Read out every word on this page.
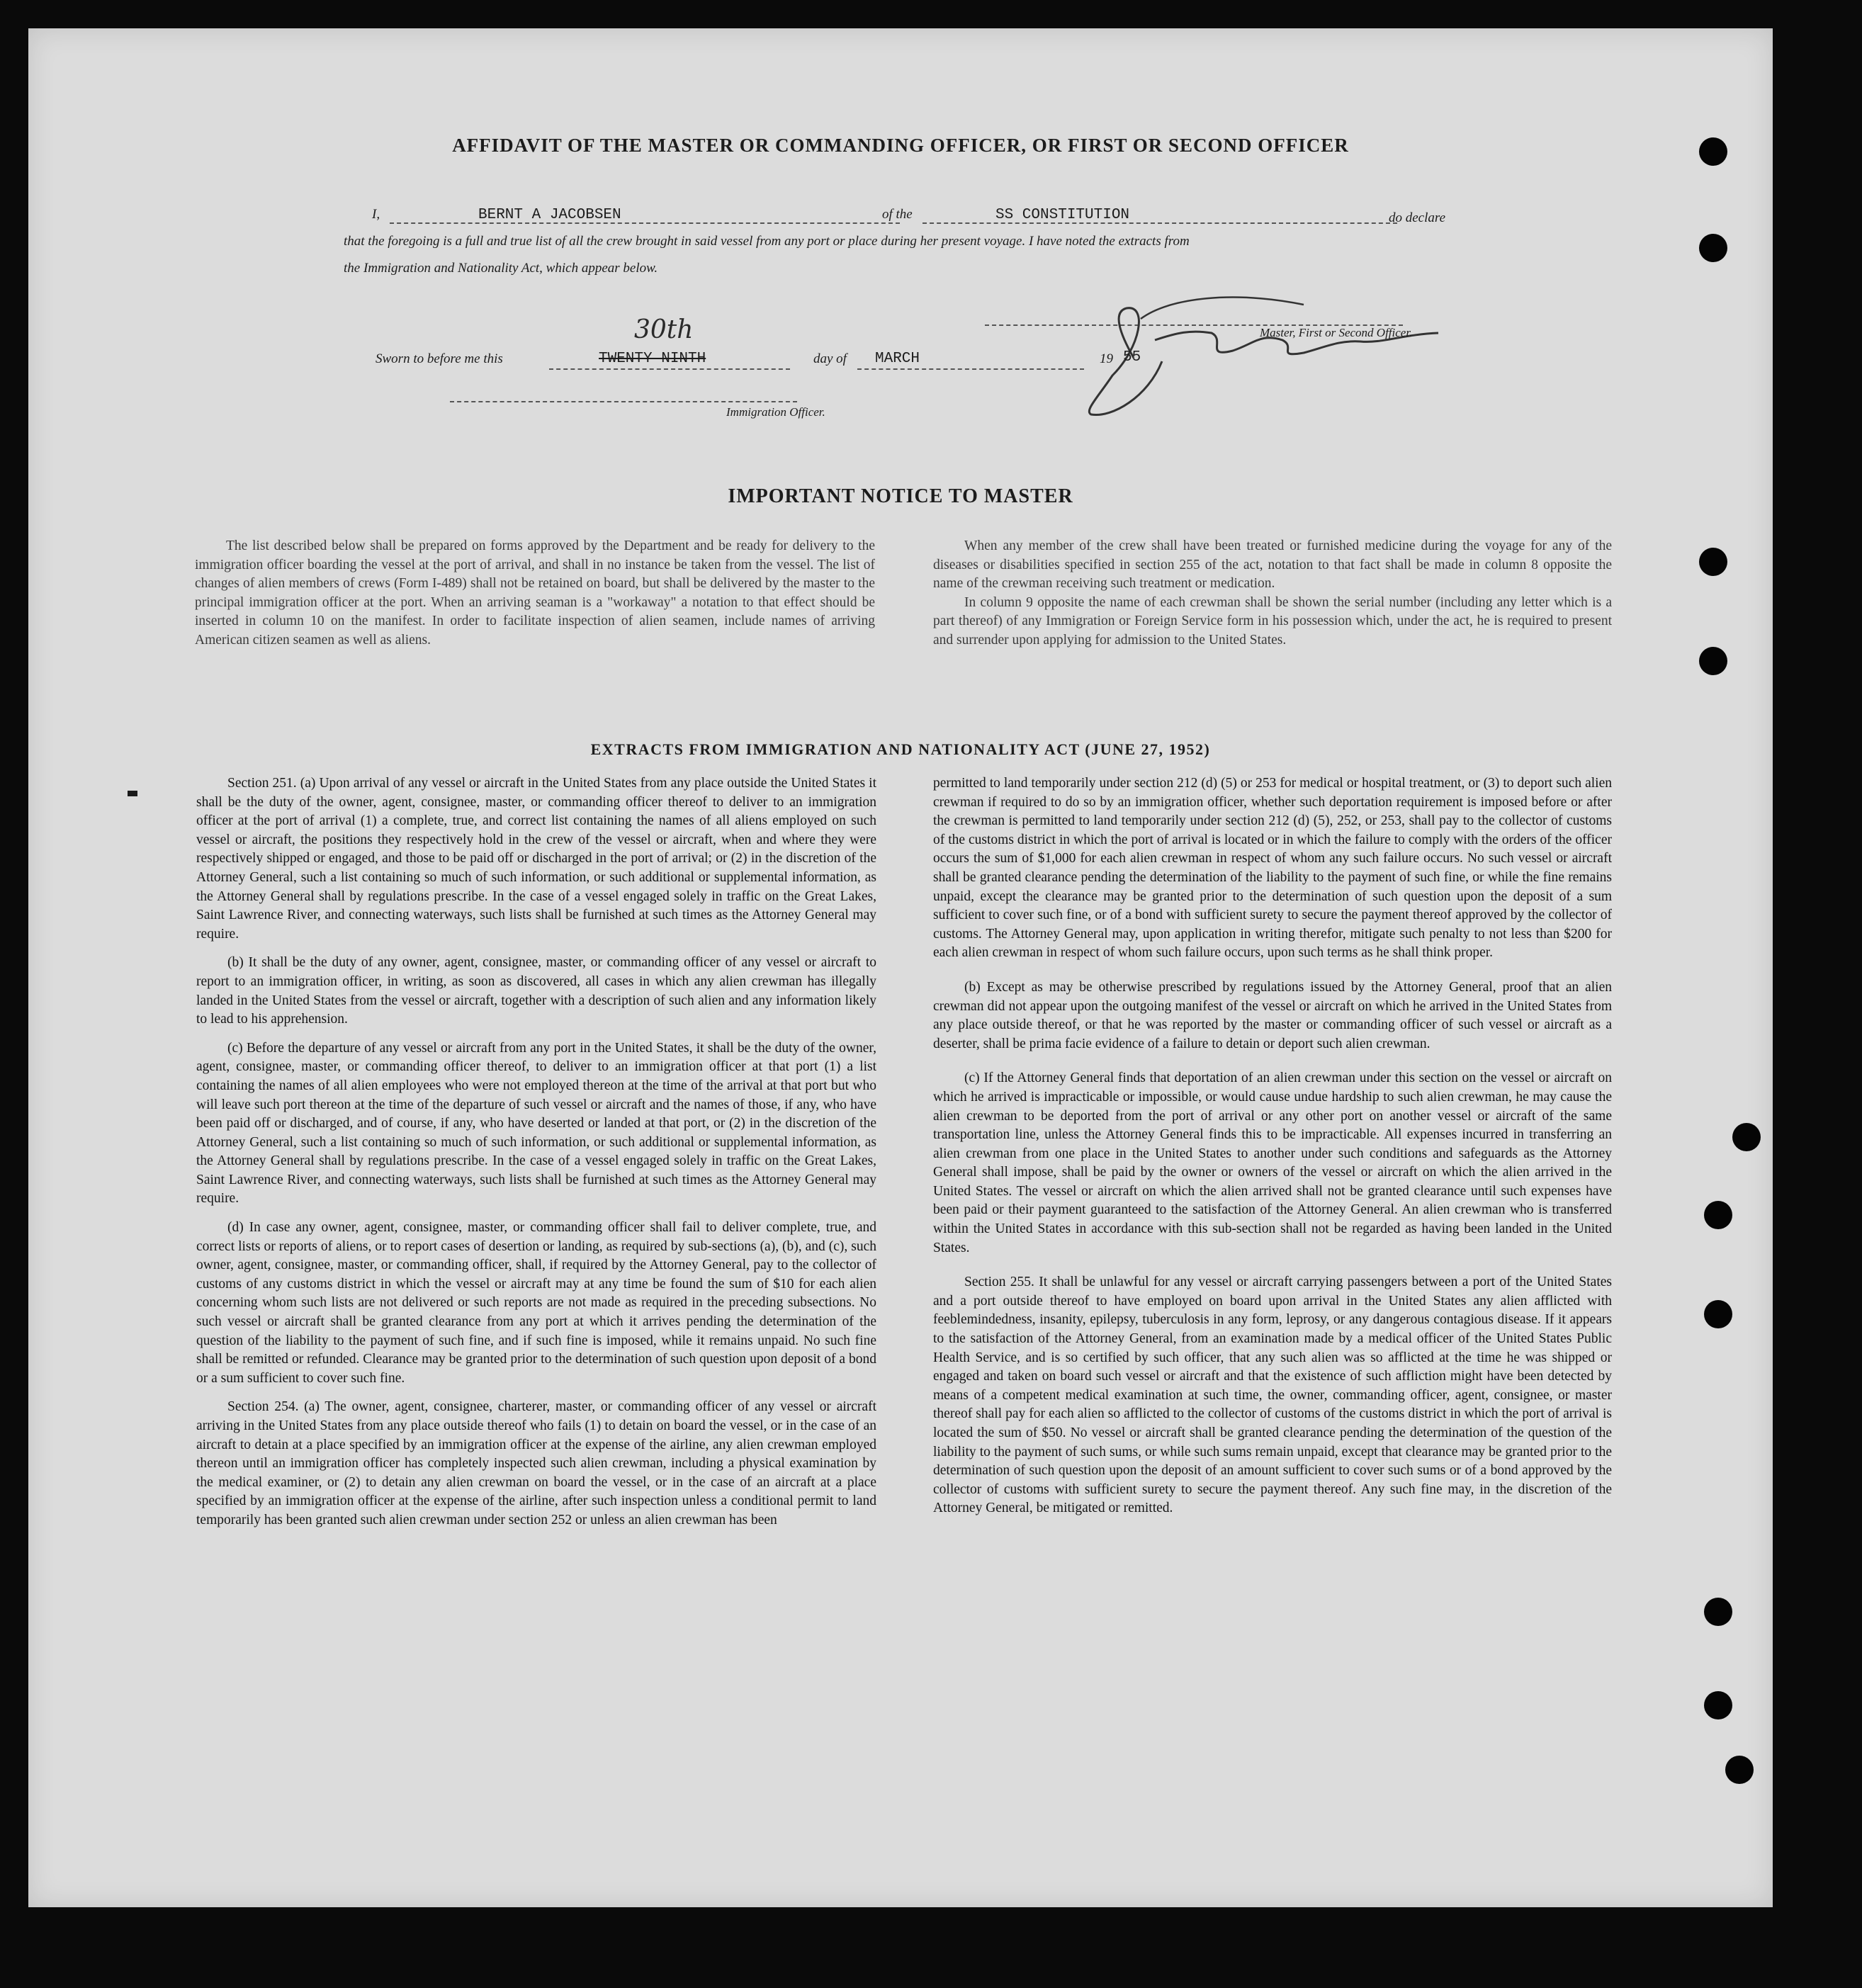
AFFIDAVIT OF THE MASTER OR COMMANDING OFFICER, OR FIRST OR SECOND OFFICER
I,	BERNT A JACOBSEN	of the	SS CONSTITUTION	do declare
that the foregoing is a full and true list of all the crew brought in said vessel from any port or place during her present voyage. I have noted the extracts from
the Immigration and Nationality Act, which appear below.
Master, First or Second Officer.
Sworn to before me this	TWENTY NINTH
30th
day of MARCH	19 55
Immigration Officer.
IMPORTANT NOTICE TO MASTER

The list described below shall be prepared on forms approved by the Department and be ready for delivery to the immigration officer boarding the vessel at the port of arrival, and shall in no instance be taken from the vessel. The list of changes of alien members of crews (Form I-489) shall not be retained on board, but shall be delivered by the master to the principal immigration officer at the port. When an arriving seaman is a "workaway" a notation to that effect should be inserted in column 10 on the manifest. In order to facilitate inspection of alien seamen, include names of arriving American citizen seamen as well as aliens.

When any member of the crew shall have been treated or furnished medicine during the voyage for any of the diseases or disabilities specified in section 255 of the act, notation to that fact shall be made in column 8 opposite the name of the crewman receiving such treatment or medication.

In column 9 opposite the name of each crewman shall be shown the serial number (including any letter which is a part thereof) of any Immigration or Foreign Service form in his possession which, under the act, he is required to present and surrender upon applying for admission to the United States.

EXTRACTS FROM IMMIGRATION AND NATIONALITY ACT (JUNE 27, 1952)

Section 251. (a) Upon arrival of any vessel or aircraft in the United States from any place outside the United States it shall be the duty of the owner, agent, consignee, master, or commanding officer thereof to deliver to an immigration officer at the port of arrival (1) a complete, true, and correct list containing the names of all aliens employed on such vessel or aircraft, the positions they respectively hold in the crew of the vessel or aircraft, when and where they were respectively shipped or engaged, and those to be paid off or discharged in the port of arrival; or (2) in the discretion of the Attorney General, such a list containing so much of such information, or such additional or supplemental information, as the Attorney General shall by regulations prescribe. In the case of a vessel engaged solely in traffic on the Great Lakes, Saint Lawrence River, and connecting waterways, such lists shall be furnished at such times as the Attorney General may require.

(b) It shall be the duty of any owner, agent, consignee, master, or commanding officer of any vessel or aircraft to report to an immigration officer, in writing, as soon as discovered, all cases in which any alien crewman has illegally landed in the United States from the vessel or aircraft, together with a description of such alien and any information likely to lead to his apprehension.

(c) Before the departure of any vessel or aircraft from any port in the United States, it shall be the duty of the owner, agent, consignee, master, or commanding officer thereof, to deliver to an immigration officer at that port (1) a list containing the names of all alien employees who were not employed thereon at the time of the arrival at that port but who will leave such port thereon at the time of the departure of such vessel or aircraft and the names of those, if any, who have been paid off or discharged, and of course, if any, who have deserted or landed at that port, or (2) in the discretion of the Attorney General, such a list containing so much of such information, or such additional or supplemental information, as the Attorney General shall by regulations prescribe. In the case of a vessel engaged solely in traffic on the Great Lakes, Saint Lawrence River, and connecting waterways, such lists shall be furnished at such times as the Attorney General may require.

(d) In case any owner, agent, consignee, master, or commanding officer shall fail to deliver complete, true, and correct lists or reports of aliens, or to report cases of desertion or landing, as required by sub-sections (a), (b), and (c), such owner, agent, consignee, master, or commanding officer, shall, if required by the Attorney General, pay to the collector of customs of any customs district in which the vessel or aircraft may at any time be found the sum of $10 for each alien concerning whom such lists are not delivered or such reports are not made as required in the preceding subsections. No such vessel or aircraft shall be granted clearance from any port at which it arrives pending the determination of the question of the liability to the payment of such fine, and if such fine is imposed, while it remains unpaid. No such fine shall be remitted or refunded. Clearance may be granted prior to the determination of such question upon deposit of a bond or a sum sufficient to cover such fine.

Section 254. (a) The owner, agent, consignee, charterer, master, or commanding officer of any vessel or aircraft arriving in the United States from any place outside thereof who fails (1) to detain on board the vessel, or in the case of an aircraft to detain at a place specified by an immigration officer at the expense of the airline, any alien crewman employed thereon until an immigration officer has completely inspected such alien crewman, including a physical examination by the medical examiner, or (2) to detain any alien crewman on board the vessel, or in the case of an aircraft at a place specified by an immigration officer at the expense of the airline, after such inspection unless a conditional permit to land temporarily has been granted such alien crewman under section 252 or unless an alien crewman has been

permitted to land temporarily under section 212 (d) (5) or 253 for medical or hospital treatment, or (3) to deport such alien crewman if required to do so by an immigration officer, whether such deportation requirement is imposed before or after the crewman is permitted to land temporarily under section 212 (d) (5), 252, or 253, shall pay to the collector of customs of the customs district in which the port of arrival is located or in which the failure to comply with the orders of the officer occurs the sum of $1,000 for each alien crewman in respect of whom any such failure occurs. No such vessel or aircraft shall be granted clearance pending the determination of the liability to the payment of such fine, or while the fine remains unpaid, except the clearance may be granted prior to the determination of such question upon the deposit of a sum sufficient to cover such fine, or of a bond with sufficient surety to secure the payment thereof approved by the collector of customs. The Attorney General may, upon application in writing therefor, mitigate such penalty to not less than $200 for each alien crewman in respect of whom such failure occurs, upon such terms as he shall think proper.

(b) Except as may be otherwise prescribed by regulations issued by the Attorney General, proof that an alien crewman did not appear upon the outgoing manifest of the vessel or aircraft on which he arrived in the United States from any place outside thereof, or that he was reported by the master or commanding officer of such vessel or aircraft as a deserter, shall be prima facie evidence of a failure to detain or deport such alien crewman.

(c) If the Attorney General finds that deportation of an alien crewman under this section on the vessel or aircraft on which he arrived is impracticable or impossible, or would cause undue hardship to such alien crewman, he may cause the alien crewman to be deported from the port of arrival or any other port on another vessel or aircraft of the same transportation line, unless the Attorney General finds this to be impracticable. All expenses incurred in transferring an alien crewman from one place in the United States to another under such conditions and safeguards as the Attorney General shall impose, shall be paid by the owner or owners of the vessel or aircraft on which the alien arrived in the United States. The vessel or aircraft on which the alien arrived shall not be granted clearance until such expenses have been paid or their payment guaranteed to the satisfaction of the Attorney General. An alien crewman who is transferred within the United States in accordance with this sub-section shall not be regarded as having been landed in the United States.

Section 255. It shall be unlawful for any vessel or aircraft carrying passengers between a port of the United States and a port outside thereof to have employed on board upon arrival in the United States any alien afflicted with feeblemindedness, insanity, epilepsy, tuberculosis in any form, leprosy, or any dangerous contagious disease. If it appears to the satisfaction of the Attorney General, from an examination made by a medical officer of the United States Public Health Service, and is so certified by such officer, that any such alien was so afflicted at the time he was shipped or engaged and taken on board such vessel or aircraft and that the existence of such affliction might have been detected by means of a competent medical examination at such time, the owner, commanding officer, agent, consignee, or master thereof shall pay for each alien so afflicted to the collector of customs of the customs district in which the port of arrival is located the sum of $50. No vessel or aircraft shall be granted clearance pending the determination of the question of the liability to the payment of such sums, or while such sums remain unpaid, except that clearance may be granted prior to the determination of such question upon the deposit of an amount sufficient to cover such sums or of a bond approved by the collector of customs with sufficient surety to secure the payment thereof. Any such fine may, in the discretion of the Attorney General, be mitigated or remitted.
